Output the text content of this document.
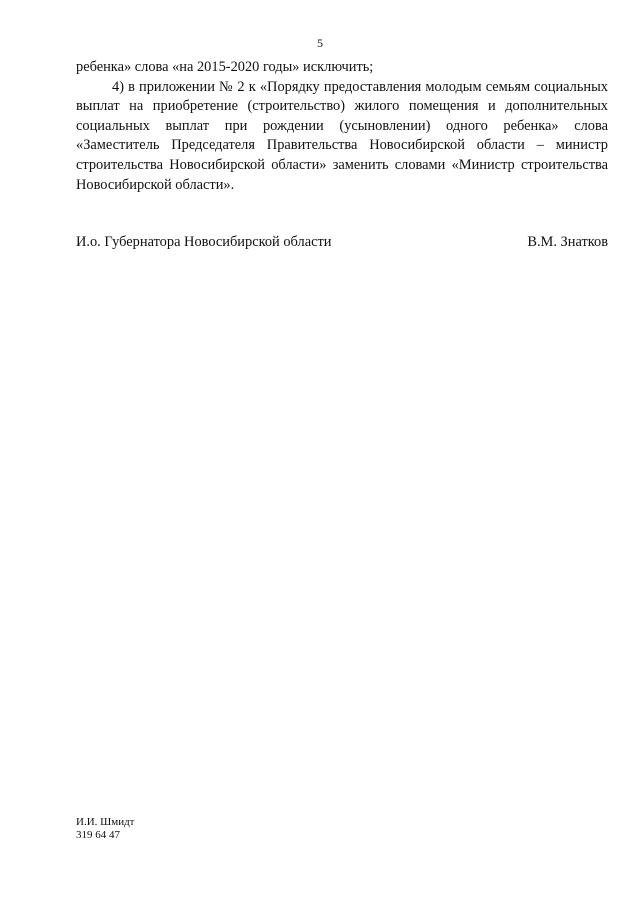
5

ребенка» слова «на 2015-2020 годы» исключить;

4) в приложении № 2 к «Порядку предоставления молодым семьям социальных выплат на приобретение (строительство) жилого помещения и дополнительных социальных выплат при рождении (усыновлении) одного ребенка» слова «Заместитель Председателя Правительства Новосибирской области – министр строительства Новосибирской области» заменить словами «Министр строительства Новосибирской области».

И.о. Губернатора Новосибирской области	В.М. Знатков
И.И. Шмидт
319 64 47
